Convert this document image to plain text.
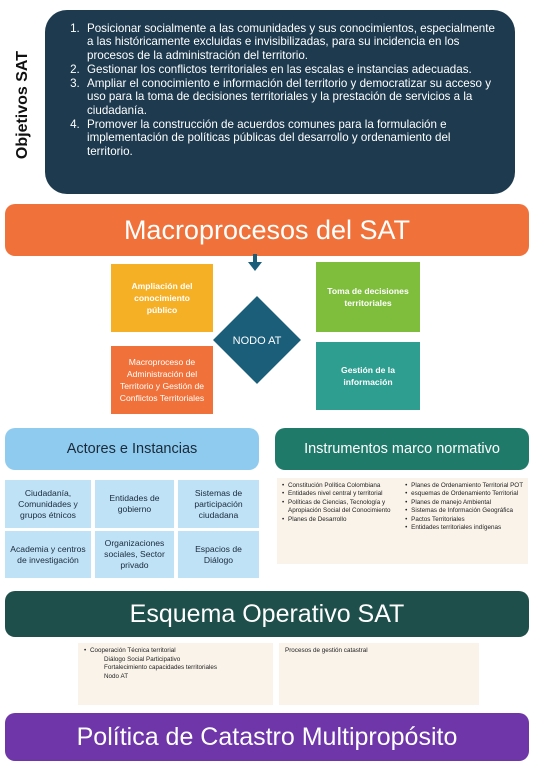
Objetivos SAT
1. Posicionar socialmente a las comunidades y sus conocimientos, especialmente a las históricamente excluidas e invisibilizadas, para su incidencia en los procesos de la administración del territorio.
2. Gestionar los conflictos territoriales en las escalas e instancias adecuadas.
3. Ampliar el conocimiento e información del territorio y democratizar su acceso y uso para la toma de decisiones territoriales y la prestación de servicios a la ciudadanía.
4. Promover la construcción de acuerdos comunes para la formulación e implementación de políticas públicas del desarrollo y ordenamiento del territorio.
Macroprocesos del SAT
Ampliación del conocimiento público
Toma de decisiones territoriales
Macroproceso de Administración del Territorio y Gestión de Conflictos Territoriales
Gestión de la información
NODO AT
Actores e Instancias	Instrumentos marco normativo
Ciudadanía, Comunidades y grupos étnicos
Entidades de gobierno
Sistemas de participación ciudadana
Academia y centros de investigación
Organizaciones sociales, Sector privado
Espacios de Diálogo
• Constitución Política Colombiana
• Entidades nivel central y territorial
• Políticas de Ciencias, Tecnología y Apropiación Social del Conocimiento
• Planes de Desarrollo
• Planes de Ordenamiento Territorial POT
• esquemas de Ordenamiento Territorial
• Planes de manejo Ambiental
• Sistemas de Información Geográfica
• Pactos Territoriales
• Entidades territoriales indígenas
Esquema Operativo SAT
• Cooperación Técnica territorial
Diálogo Social Participativo
Fortalecimiento capacidades territoriales
Nodo AT
Procesos de gestión catastral
Política de Catastro Multipropósito
